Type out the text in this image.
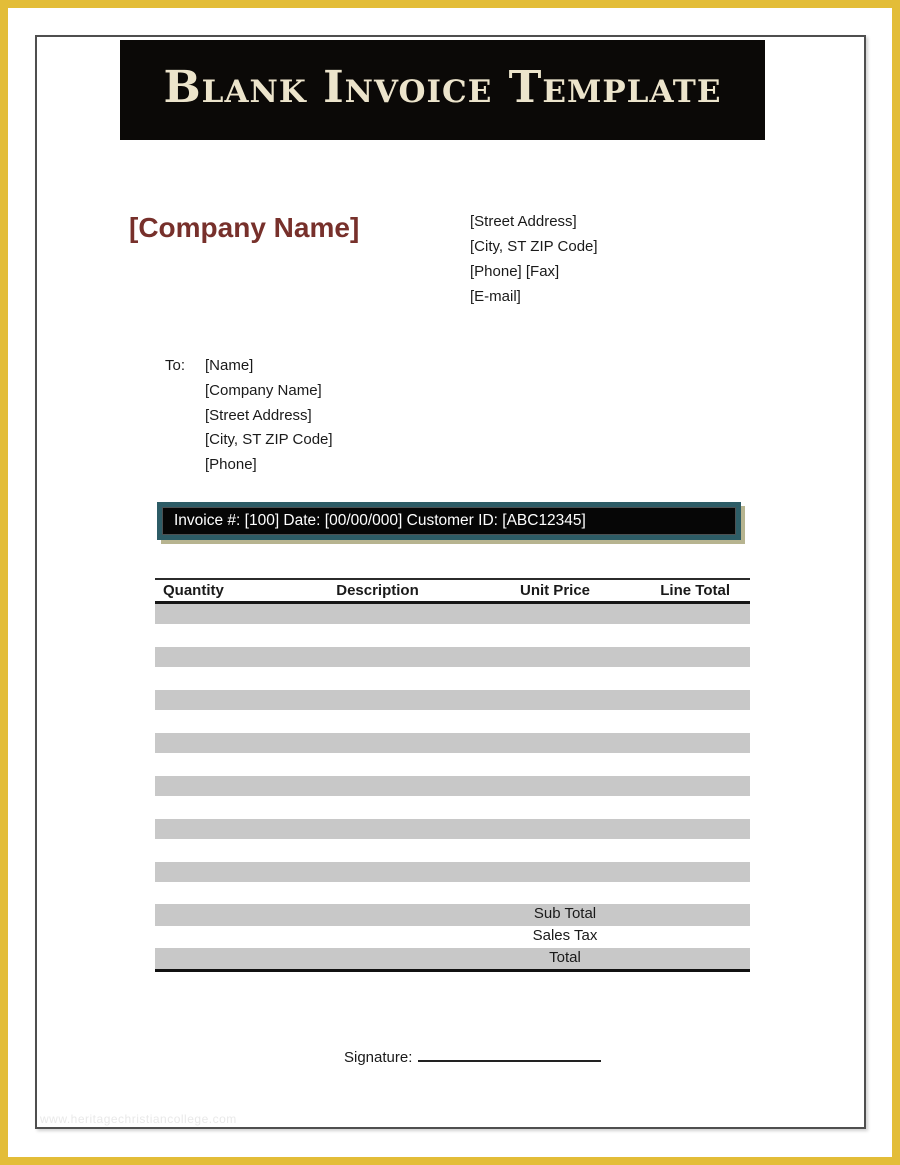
Blank Invoice Template
[Company Name]	[Street Address]
[City, ST ZIP Code]
[Phone] [Fax]
[E-mail]
To:	[Name]
[Company Name]
[Street Address]
[City, ST ZIP Code]
[Phone]
Invoice #: [100] Date: [00/00/000] Customer ID: [ABC12345]
Quantity	Description	Unit Price	Line Total
Sub Total
Sales Tax
Total
Signature:
www.heritagechristiancollege.com
